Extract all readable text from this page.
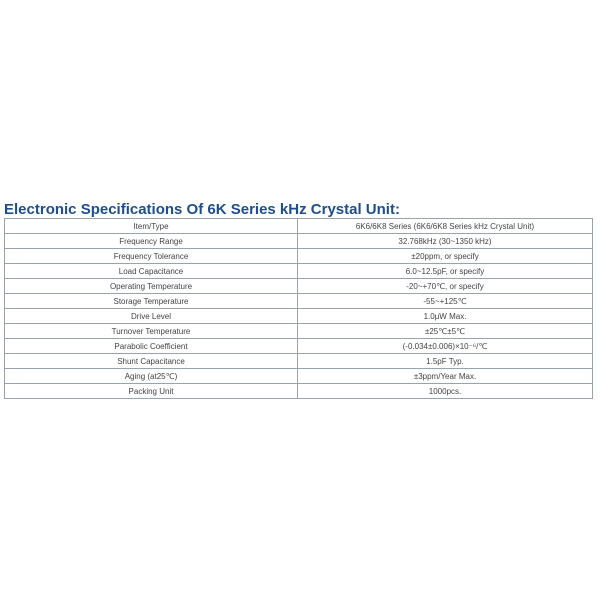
Electronic Specifications Of 6K Series kHz Crystal Unit:
Item/Type	6K6/6K8 Series (6K6/6K8 Series kHz Crystal Unit)
Frequency Range	32.768kHz (30~1350 kHz)
Frequency Tolerance	±20ppm, or specify
Load Capacitance	6.0~12.5pF, or specify
Operating Temperature	-20~+70℃, or specify
Storage Temperature	-55~+125℃
Drive Level	1.0μW Max.
Turnover Temperature	±25℃±5℃
Parabolic Coefficient	(-0.034±0.006)×10⁻⁶/℃
Shunt Capacitance	1.5pF Typ.
Aging (at25℃)	±3ppm/Year Max.
Packing Unit	1000pcs.
